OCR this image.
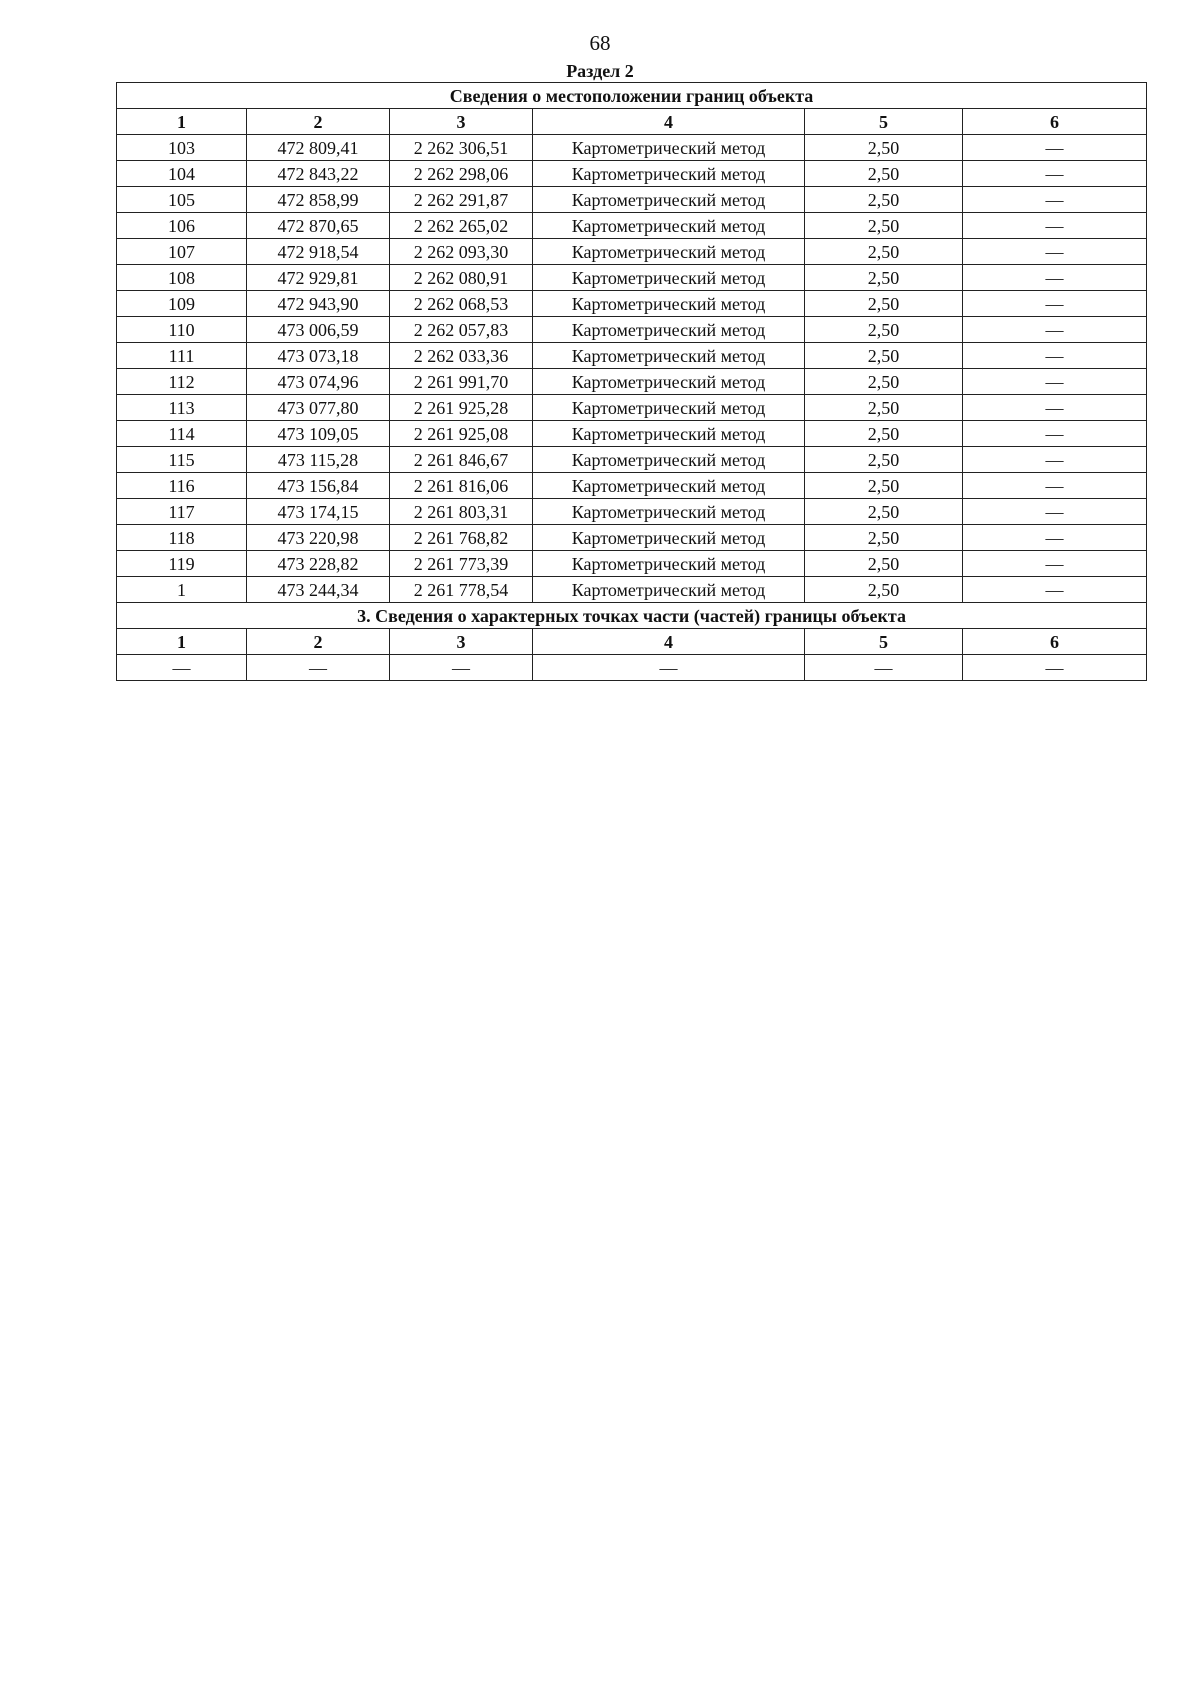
68
Раздел 2
Сведения о местоположении границ объекта					
1	2	3	4	5	6
103	472 809,41	2 262 306,51	Картометрический метод	2,50	—
104	472 843,22	2 262 298,06	Картометрический метод	2,50	—
105	472 858,99	2 262 291,87	Картометрический метод	2,50	—
106	472 870,65	2 262 265,02	Картометрический метод	2,50	—
107	472 918,54	2 262 093,30	Картометрический метод	2,50	—
108	472 929,81	2 262 080,91	Картометрический метод	2,50	—
109	472 943,90	2 262 068,53	Картометрический метод	2,50	—
110	473 006,59	2 262 057,83	Картометрический метод	2,50	—
111	473 073,18	2 262 033,36	Картометрический метод	2,50	—
112	473 074,96	2 261 991,70	Картометрический метод	2,50	—
113	473 077,80	2 261 925,28	Картометрический метод	2,50	—
114	473 109,05	2 261 925,08	Картометрический метод	2,50	—
115	473 115,28	2 261 846,67	Картометрический метод	2,50	—
116	473 156,84	2 261 816,06	Картометрический метод	2,50	—
117	473 174,15	2 261 803,31	Картометрический метод	2,50	—
118	473 220,98	2 261 768,82	Картометрический метод	2,50	—
119	473 228,82	2 261 773,39	Картометрический метод	2,50	—
1	473 244,34	2 261 778,54	Картометрический метод	2,50	—
3. Сведения о характерных точках части (частей) границы объекта					
1	2	3	4	5	6
—	—	—	—	—	—
